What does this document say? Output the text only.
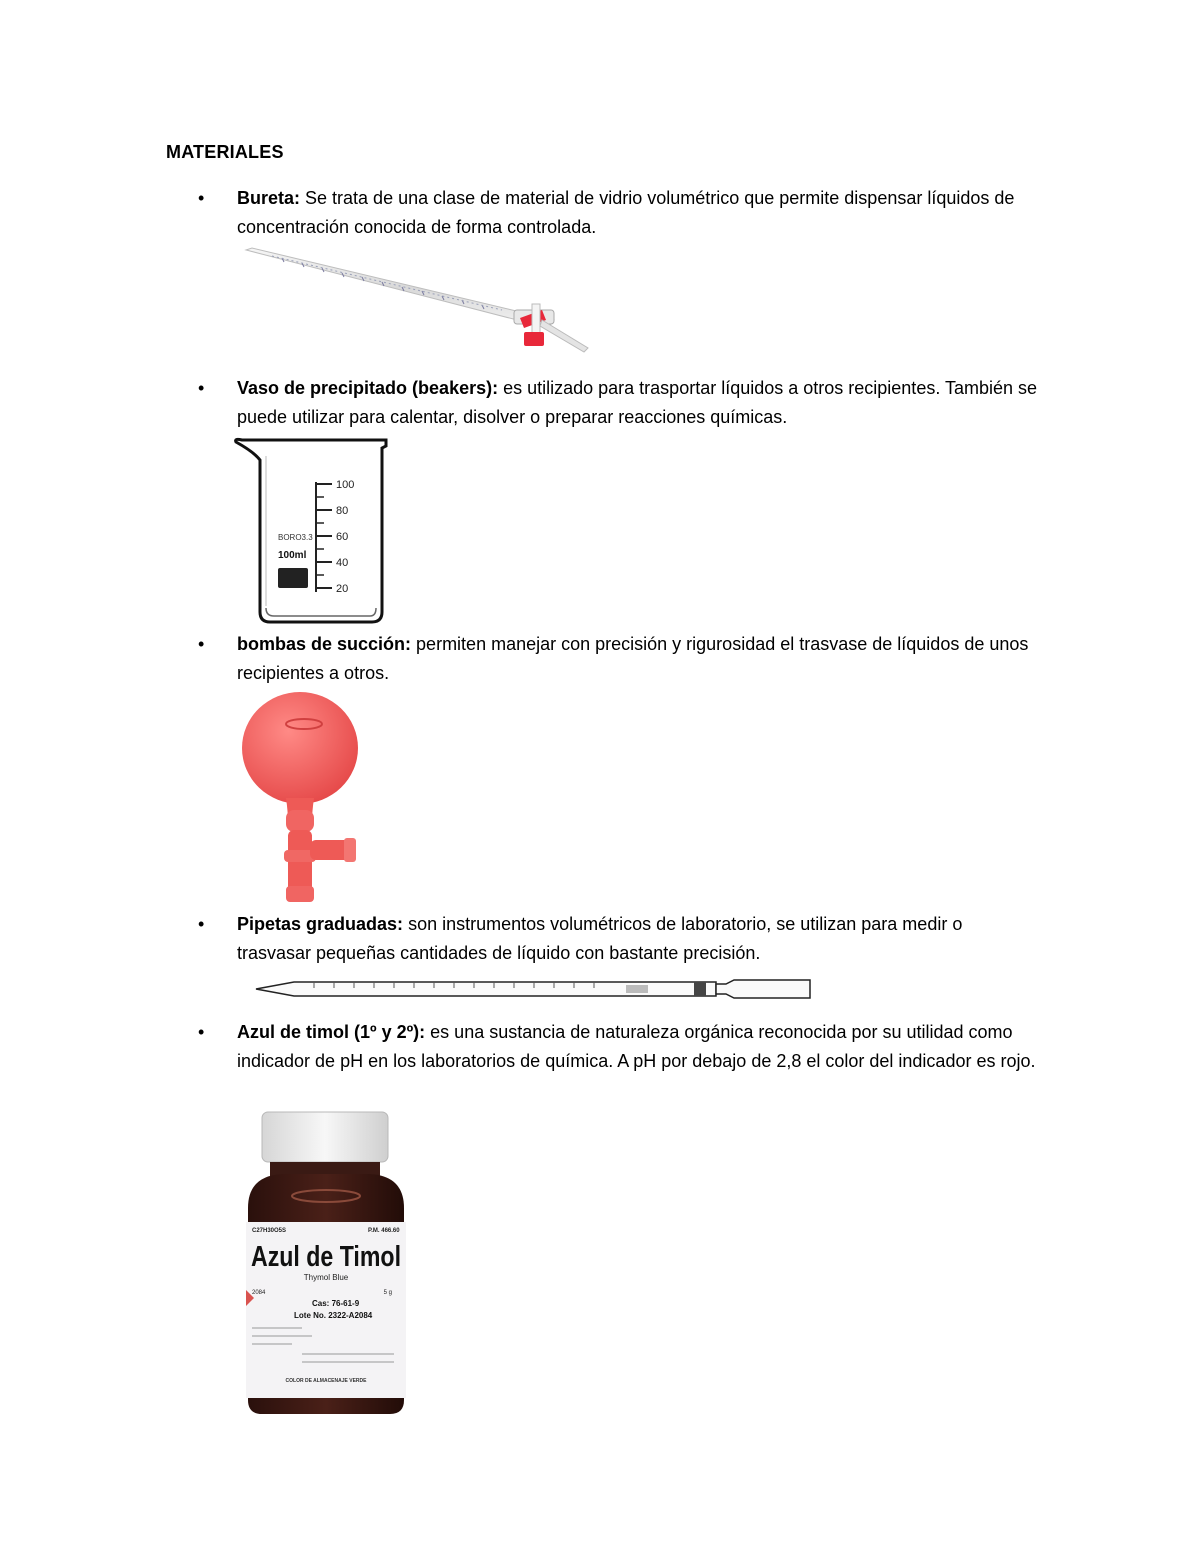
MATERIALES
• Bureta: Se trata de una clase de material de vidrio volumétrico que permite dispensar líquidos de concentración conocida de forma controlada.
• Vaso de precipitado (beakers): es utilizado para trasportar líquidos a otros recipientes. También se puede utilizar para calentar, disolver o preparar reacciones químicas.
100
80
60
40
20
BORO3.3
100ml
• bombas de succión: permiten manejar con precisión y rigurosidad el trasvase de líquidos de unos recipientes a otros.
• Pipetas graduadas: son instrumentos volumétricos de laboratorio, se utilizan para medir o trasvasar pequeñas cantidades de líquido con bastante precisión.
• Azul de timol (1º y 2º): es una sustancia de naturaleza orgánica reconocida por su utilidad como indicador de pH en los laboratorios de química. A pH por debajo de 2,8 el color del indicador es rojo.
C27H30O5S	P.M. 466.60
Azul de Timol
Thymol Blue
2084	5 g
Cas: 76-61-9
Lote No. 2322-A2084
COLOR DE ALMACENAJE VERDE
